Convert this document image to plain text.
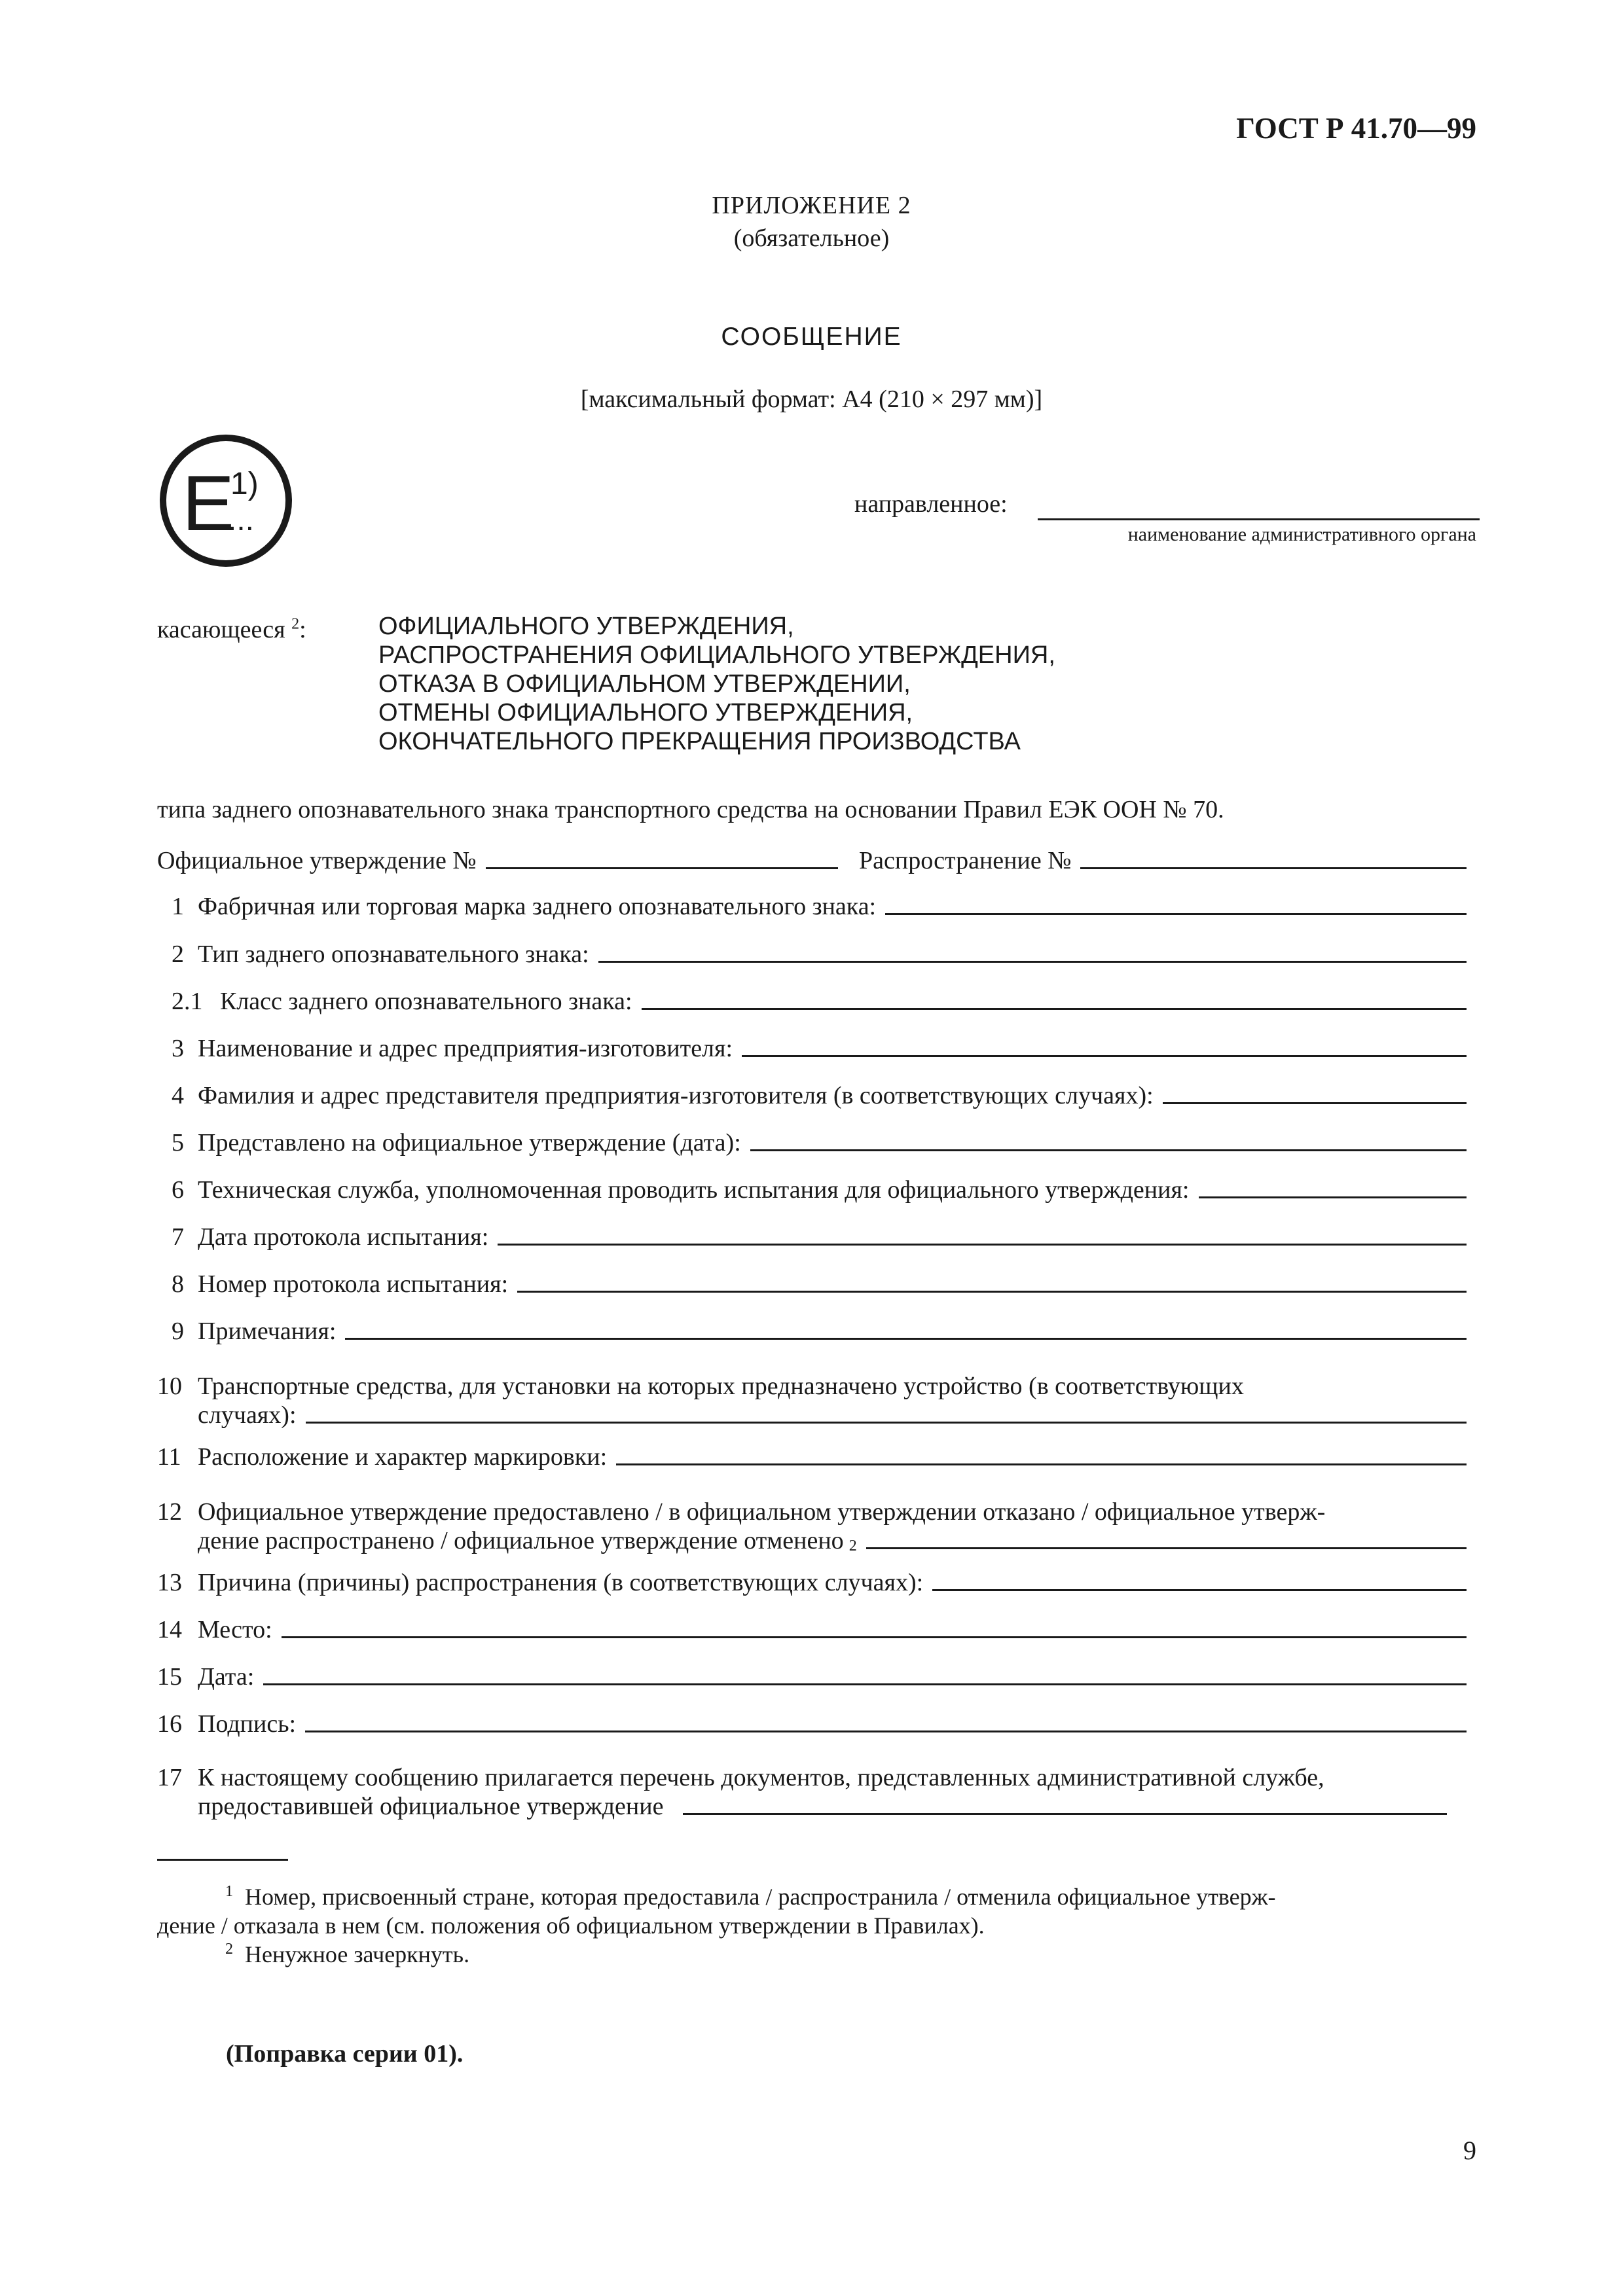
ГОСТ Р 41.70—99
ПРИЛОЖЕНИЕ 2
(обязательное)
СООБЩЕНИЕ
[максимальный формат: А4 (210 × 297 мм)]
E
1)
...	направленное:
наименование административного органа
касающееся $^2$:	ОФИЦИАЛЬНОГО УТВЕРЖДЕНИЯ,
РАСПРОСТРАНЕНИЯ ОФИЦИАЛЬНОГО УТВЕРЖДЕНИЯ,
ОТКАЗА В ОФИЦИАЛЬНОМ УТВЕРЖДЕНИИ,
ОТМЕНЫ ОФИЦИАЛЬНОГО УТВЕРЖДЕНИЯ,
ОКОНЧАТЕЛЬНОГО ПРЕКРАЩЕНИЯ ПРОИЗВОДСТВА
типа заднего опознавательного знака транспортного средства на основании Правил ЕЭК ООН № 70.
Официальное утверждение №	Распространение №
1 Фабричная или торговая марка заднего опознавательного знака:
2 Тип заднего опознавательного знака:
2.1 Класс заднего опознавательного знака:
3 Наименование и адрес предприятия-изготовителя:
4 Фамилия и адрес представителя предприятия-изготовителя (в соответствующих случаях):
5 Представлено на официальное утверждение (дата):
6 Техническая служба, уполномоченная проводить испытания для официального утверждения:
7 Дата протокола испытания:
8 Номер протокола испытания:
9 Примечания:
10 Транспортные средства, для установки на которых предназначено устройство (в соответствующих
случаях):
11 Расположение и характер маркировки:
12 Официальное утверждение предоставлено / в официальном утверждении отказано / официальное утверж-
дение распространено / официальное утверждение отменено $_2$
13 Причина (причины) распространения (в соответствующих случаях):
14 Место:
15 Дата:
16 Подпись:
17 К настоящему сообщению прилагается перечень документов, представленных административной службе,
предоставившей официальное утверждение
$^1$ Номер, присвоенный стране, которая предоставила / распространила / отменила официальное утверж-
дение / отказала в нем (см. положения об официальном утверждении в Правилах).
$^2$ Ненужное зачеркнуть.
(Поправка серии 01).
9
